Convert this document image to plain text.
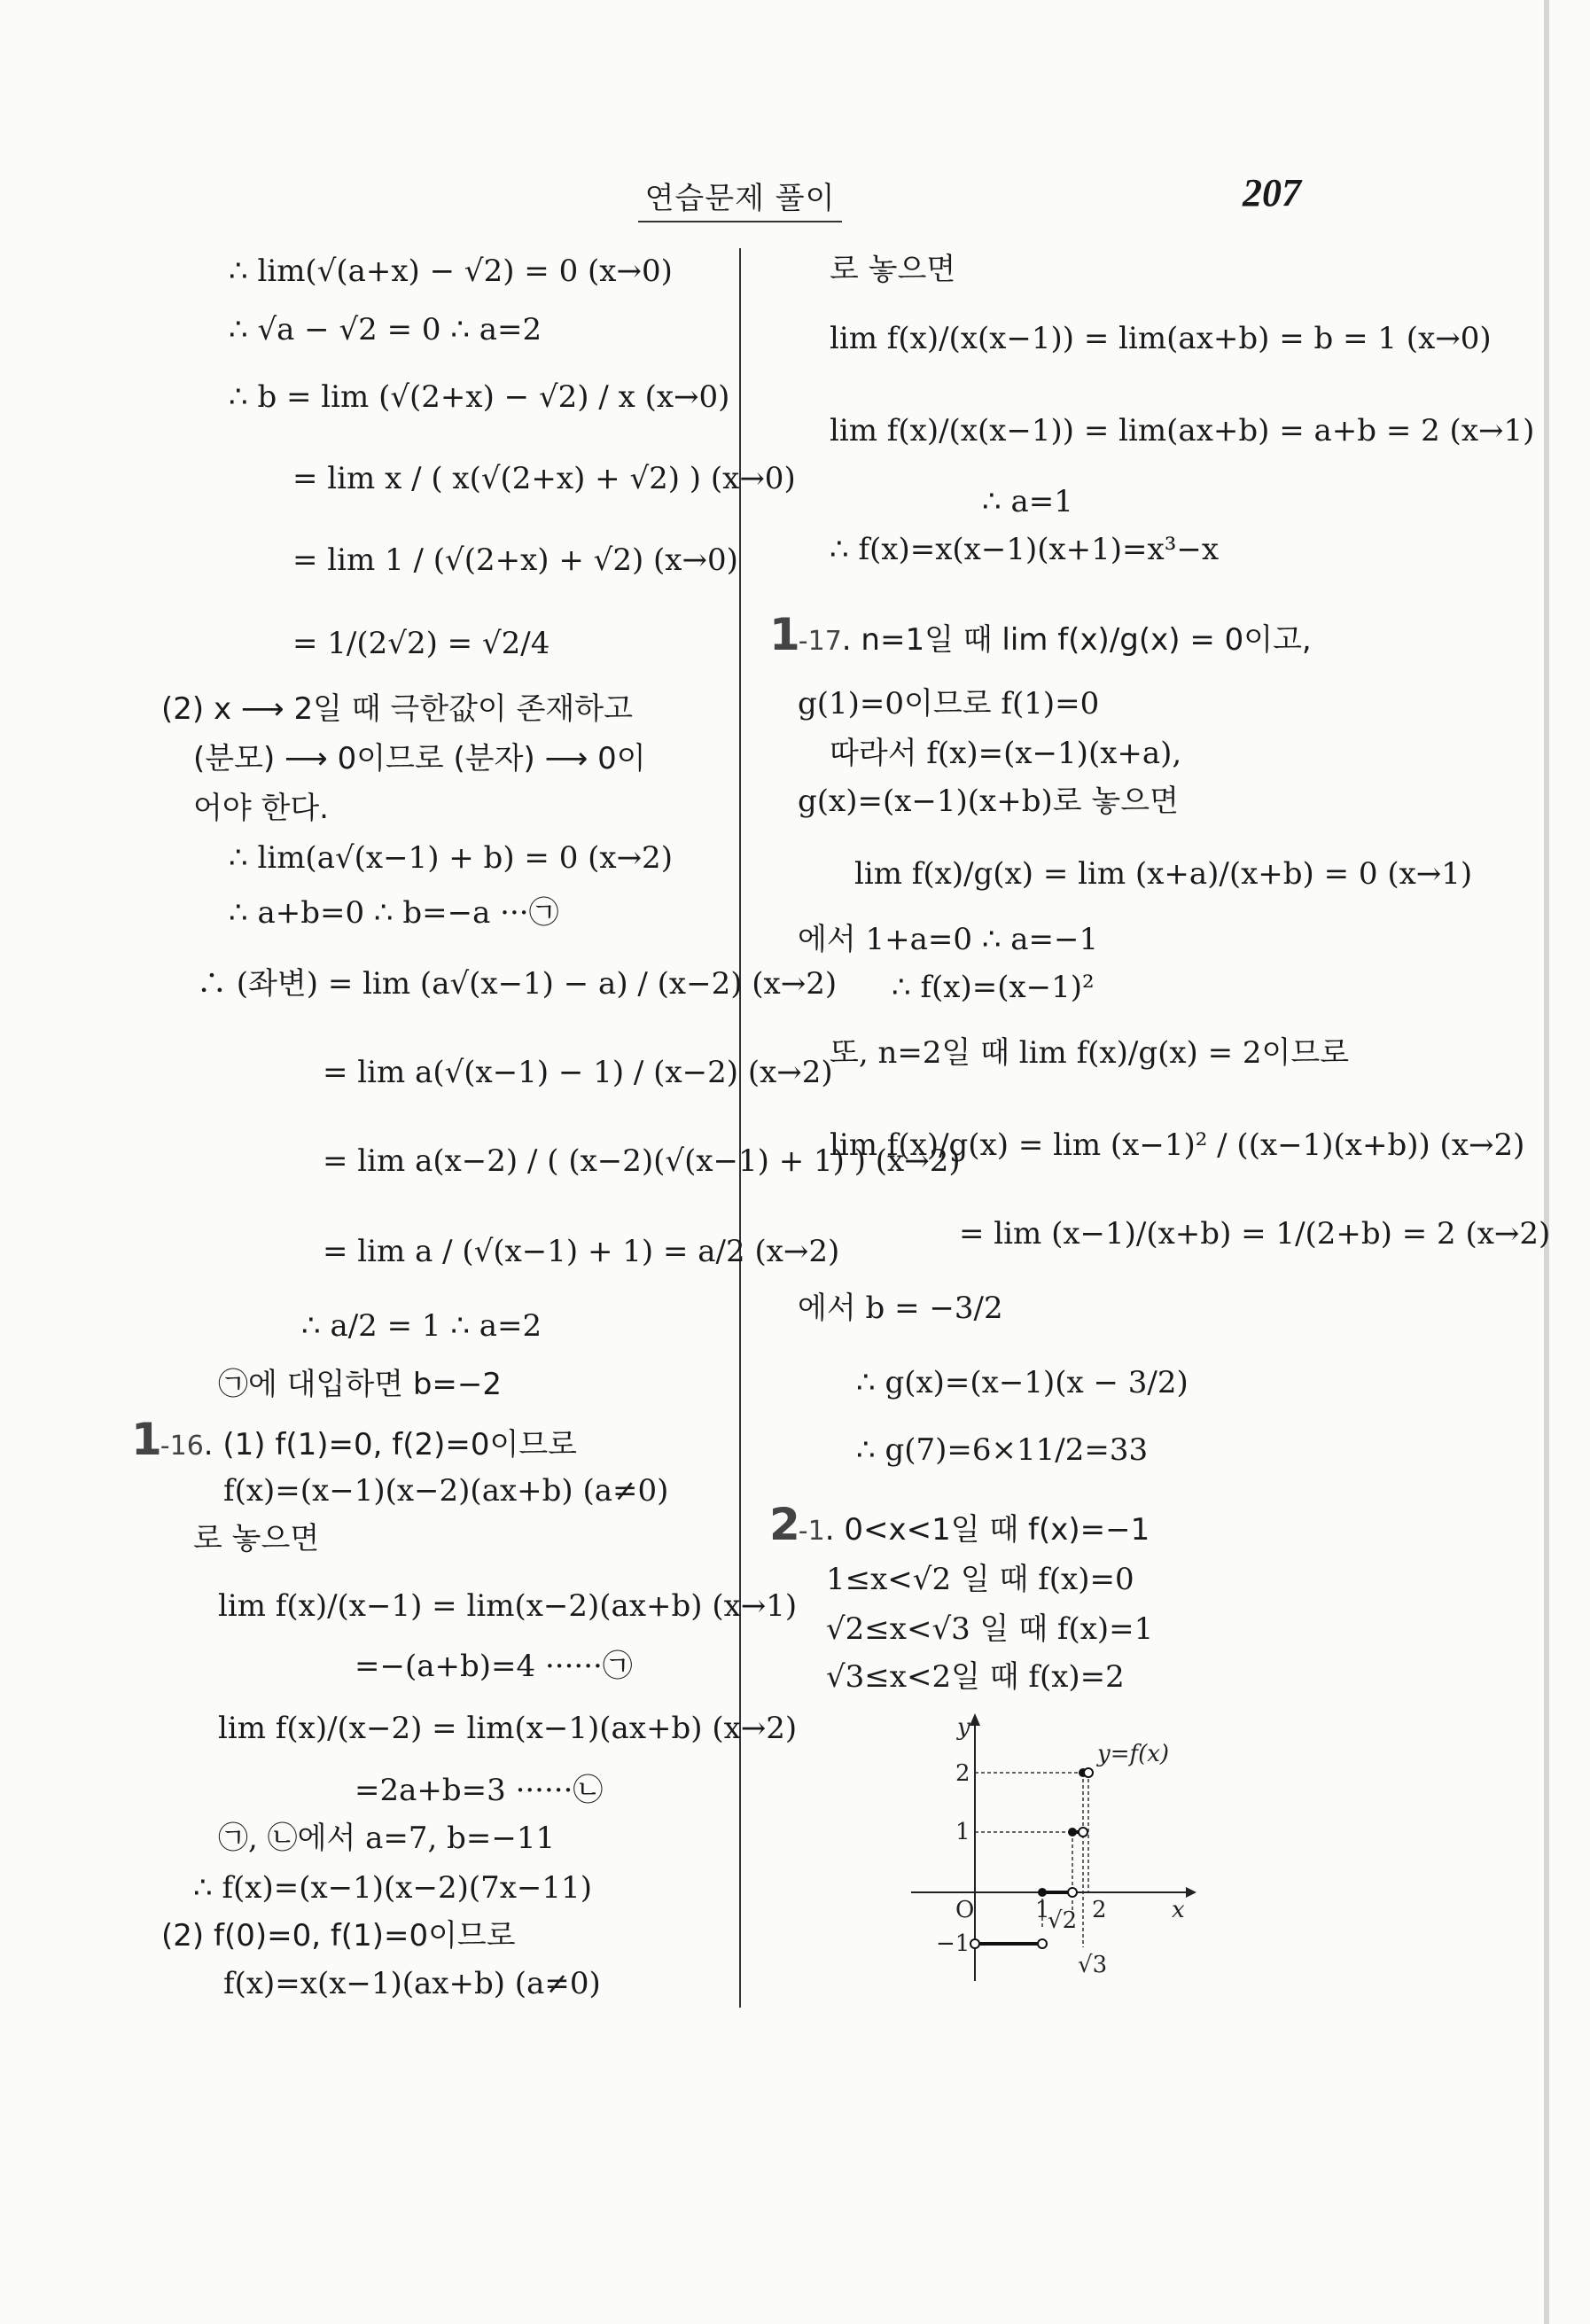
연습문제 풀이	207
∴ lim(√(a+x) − √2) = 0 (x→0)
∴ √a − √2 = 0 ∴ a=2
∴ b = lim (√(2+x) − √2) / x (x→0)
= lim x / ( x(√(2+x) + √2) ) (x→0)
= lim 1 / (√(2+x) + √2) (x→0)
= 1/(2√2) = √2/4
(2) x ⟶ 2일 때 극한값이 존재하고
(분모) ⟶ 0이므로 (분자) ⟶ 0이
어야 한다.
∴ lim(a√(x−1) + b) = 0 (x→2)
∴ a+b=0 ∴ b=−a ···㉠
∴ (좌변) = lim (a√(x−1) − a) / (x−2) (x→2)
= lim a(√(x−1) − 1) / (x−2) (x→2)
= lim a(x−2) / ( (x−2)(√(x−1) + 1) ) (x→2)
= lim a / (√(x−1) + 1) = a/2 (x→2)
∴ a/2 = 1 ∴ a=2
㉠에 대입하면 b=−2
1-16. (1) f(1)=0, f(2)=0이므로
f(x)=(x−1)(x−2)(ax+b) (a≠0)
로 놓으면
lim f(x)/(x−1) = lim(x−2)(ax+b) (x→1)
=−(a+b)=4 ······㉠
lim f(x)/(x−2) = lim(x−1)(ax+b) (x→2)
=2a+b=3 ······㉡
㉠, ㉡에서 a=7, b=−11
∴ f(x)=(x−1)(x−2)(7x−11)
(2) f(0)=0, f(1)=0이므로
f(x)=x(x−1)(ax+b) (a≠0)
로 놓으면
lim f(x)/(x(x−1)) = lim(ax+b) = b = 1 (x→0)
lim f(x)/(x(x−1)) = lim(ax+b) = a+b = 2 (x→1)
∴ a=1
∴ f(x)=x(x−1)(x+1)=x³−x
1-17. n=1일 때 lim f(x)/g(x) = 0이고,
g(1)=0이므로 f(1)=0
따라서 f(x)=(x−1)(x+a),
g(x)=(x−1)(x+b)로 놓으면
lim f(x)/g(x) = lim (x+a)/(x+b) = 0 (x→1)
에서 1+a=0 ∴ a=−1
∴ f(x)=(x−1)²
또, n=2일 때 lim f(x)/g(x) = 2이므로
lim f(x)/g(x) = lim (x−1)² / ((x−1)(x+b)) (x→2)
= lim (x−1)/(x+b) = 1/(2+b) = 2 (x→2)
에서 b = −3/2
∴ g(x)=(x−1)(x − 3/2)
∴ g(7)=6×11/2=33
2-1. 0<x<1일 때 f(x)=−1
1≤x<√2 일 때 f(x)=0
√2≤x<√3 일 때 f(x)=1
√3≤x<2일 때 f(x)=2
y
y=f(x)
2
1
−1
O	1
√2 2
√3
x
